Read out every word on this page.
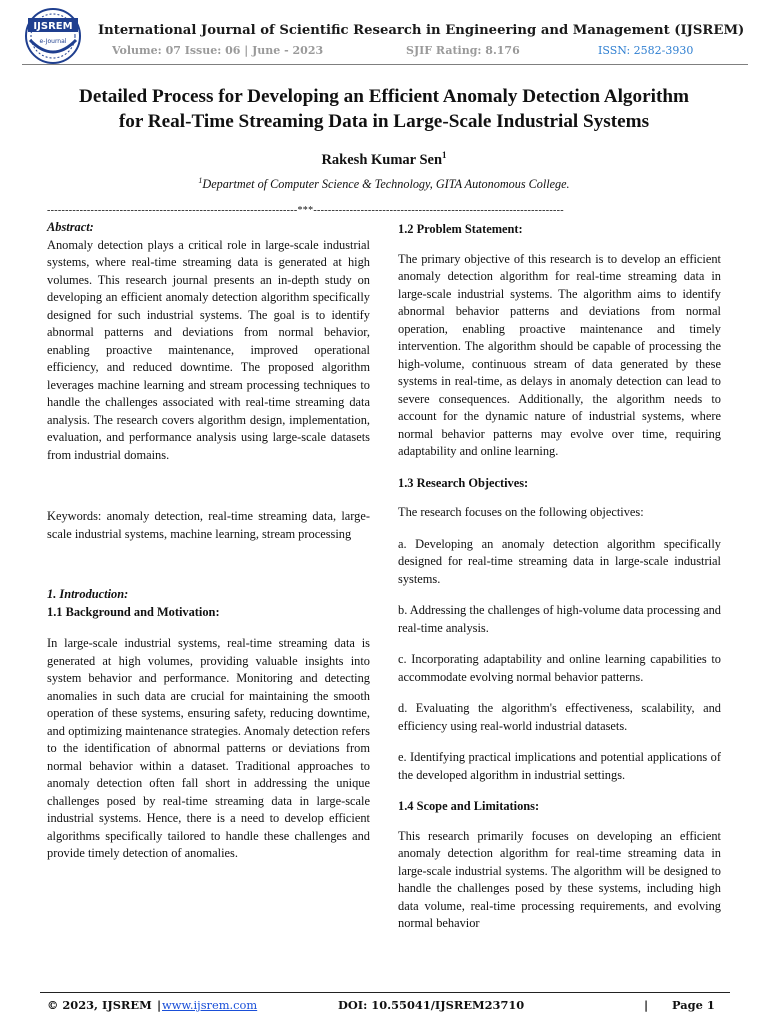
IJSREM
e-Journal
International Journal of Scientific Research in Engineering and Management (IJSREM)
Volume: 07 Issue: 06 | June - 2023	SJIF Rating: 8.176	ISSN: 2582-3930
Detailed Process for Developing an Efficient Anomaly Detection Algorithm
for Real-Time Streaming Data in Large-Scale Industrial Systems
Rakesh Kumar Sen$^1$
$^1$Departmet of Computer Science & Technology, GITA Autonomous College.
---------------------------------------------------------------------***---------------------------------------------------------------------

Abstract:

Anomaly detection plays a critical role in large-scale industrial systems, where real-time streaming data is generated at high volumes. This research journal presents an in-depth study on developing an efficient anomaly detection algorithm specifically designed for such industrial systems. The goal is to identify abnormal patterns and deviations from normal behavior, enabling proactive maintenance, improved operational efficiency, and reduced downtime. The proposed algorithm leverages machine learning and stream processing techniques to handle the challenges associated with real-time streaming data analysis. The research covers algorithm design, implementation, evaluation, and performance analysis using large-scale datasets from industrial domains.

Keywords: anomaly detection, real-time streaming data, large-scale industrial systems, machine learning, stream processing

1. Introduction:

1.1 Background and Motivation:

In large-scale industrial systems, real-time streaming data is generated at high volumes, providing valuable insights into system behavior and performance. Monitoring and detecting anomalies in such data are crucial for maintaining the smooth operation of these systems, ensuring safety, reducing downtime, and optimizing maintenance strategies. Anomaly detection refers to the identification of abnormal patterns or deviations from normal behavior within a dataset. Traditional approaches to anomaly detection often fall short in addressing the unique challenges posed by real-time streaming data in large-scale industrial systems. Hence, there is a need to develop efficient algorithms specifically tailored to handle these challenges and provide timely detection of anomalies.

1.2 Problem Statement:

The primary objective of this research is to develop an efficient anomaly detection algorithm for real-time streaming data in large-scale industrial systems. The algorithm aims to identify abnormal behavior patterns and deviations from normal operation, enabling proactive maintenance and timely intervention. The algorithm should be capable of processing the high-volume, continuous stream of data generated by these systems in real-time, as delays in anomaly detection can lead to severe consequences. Additionally, the algorithm needs to account for the dynamic nature of industrial systems, where normal behavior patterns may evolve over time, requiring adaptability and online learning.

1.3 Research Objectives:

The research focuses on the following objectives:

a. Developing an anomaly detection algorithm specifically designed for real-time streaming data in large-scale industrial systems.

b. Addressing the challenges of high-volume data processing and real-time analysis.

c. Incorporating adaptability and online learning capabilities to accommodate evolving normal behavior patterns.

d. Evaluating the algorithm's effectiveness, scalability, and efficiency using real-world industrial datasets.

e. Identifying practical implications and potential applications of the developed algorithm in industrial settings.

1.4 Scope and Limitations:

This research primarily focuses on developing an efficient anomaly detection algorithm for real-time streaming data in large-scale industrial systems. The algorithm will be designed to handle the challenges posed by these systems, including high data volume, real-time processing requirements, and evolving normal behavior

© 2023, IJSREM | www.ijsrem.com	DOI: 10.55041/IJSREM23710	| Page 1
